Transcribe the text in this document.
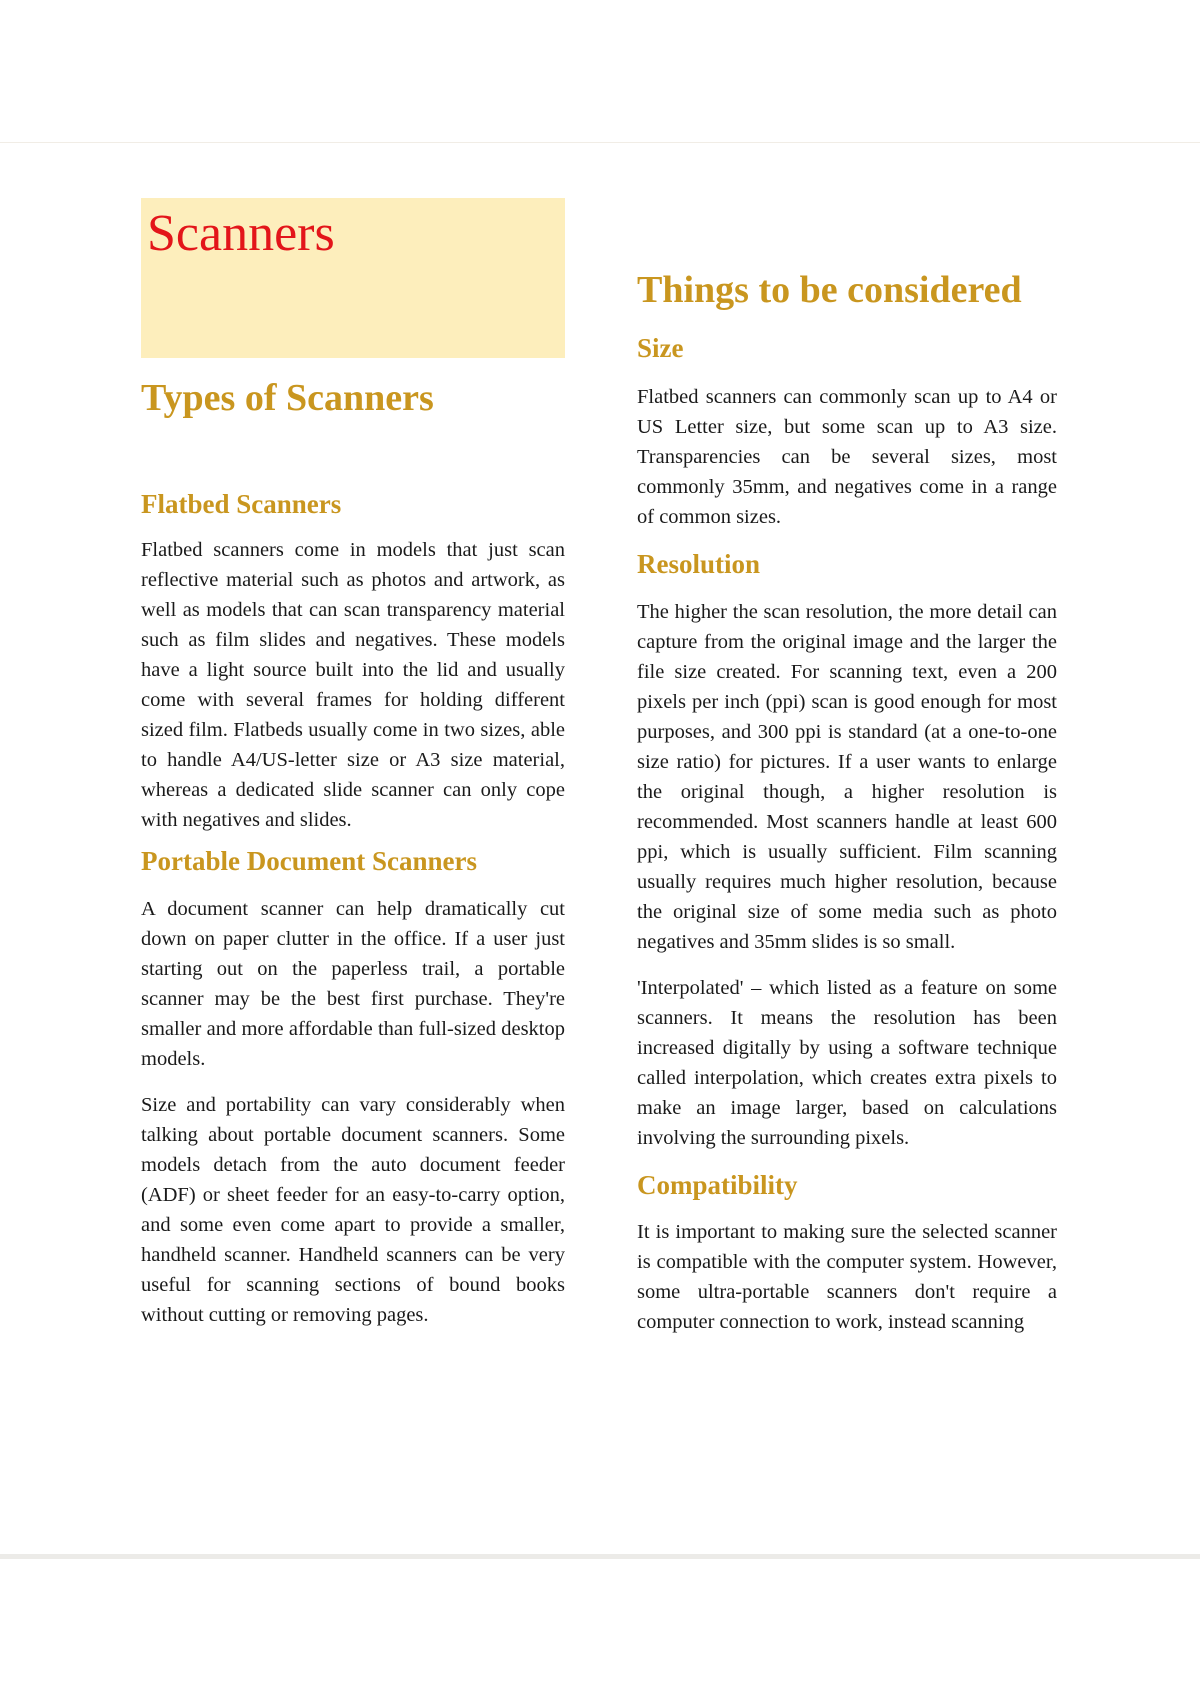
Scanners
Types of Scanners
Flatbed Scanners

Flatbed scanners come in models that just scan reflective material such as photos and artwork, as well as models that can scan transparency material such as film slides and negatives. These models have a light source built into the lid and usually come with several frames for holding different sized film. Flatbeds usually come in two sizes, able to handle A4/US-letter size or A3 size material, whereas a dedicated slide scanner can only cope with negatives and slides.

Portable Document Scanners

A document scanner can help dramatically cut down on paper clutter in the office. If a user just starting out on the paperless trail, a portable scanner may be the best first purchase. They're smaller and more affordable than full-sized desktop models.

Size and portability can vary considerably when talking about portable document scanners. Some models detach from the auto document feeder (ADF) or sheet feeder for an easy-to-carry option, and some even come apart to provide a smaller, handheld scanner. Handheld scanners can be very useful for scanning sections of bound books without cutting or removing pages.

Things to be considered
Size

Flatbed scanners can commonly scan up to A4 or US Letter size, but some scan up to A3 size. Transparencies can be several sizes, most commonly 35mm, and negatives come in a range of common sizes.

Resolution

The higher the scan resolution, the more detail can capture from the original image and the larger the file size created. For scanning text, even a 200 pixels per inch (ppi) scan is good enough for most purposes, and 300 ppi is standard (at a one-to-one size ratio) for pictures. If a user wants to enlarge the original though, a higher resolution is recommended. Most scanners handle at least 600 ppi, which is usually sufficient. Film scanning usually requires much higher resolution, because the original size of some media such as photo negatives and 35mm slides is so small.

'Interpolated' – which listed as a feature on some scanners. It means the resolution has been increased digitally by using a software technique called interpolation, which creates extra pixels to make an image larger, based on calculations involving the surrounding pixels.

Compatibility

It is important to making sure the selected scanner is compatible with the computer system. However, some ultra-portable scanners don't require a computer connection to work, instead scanning
